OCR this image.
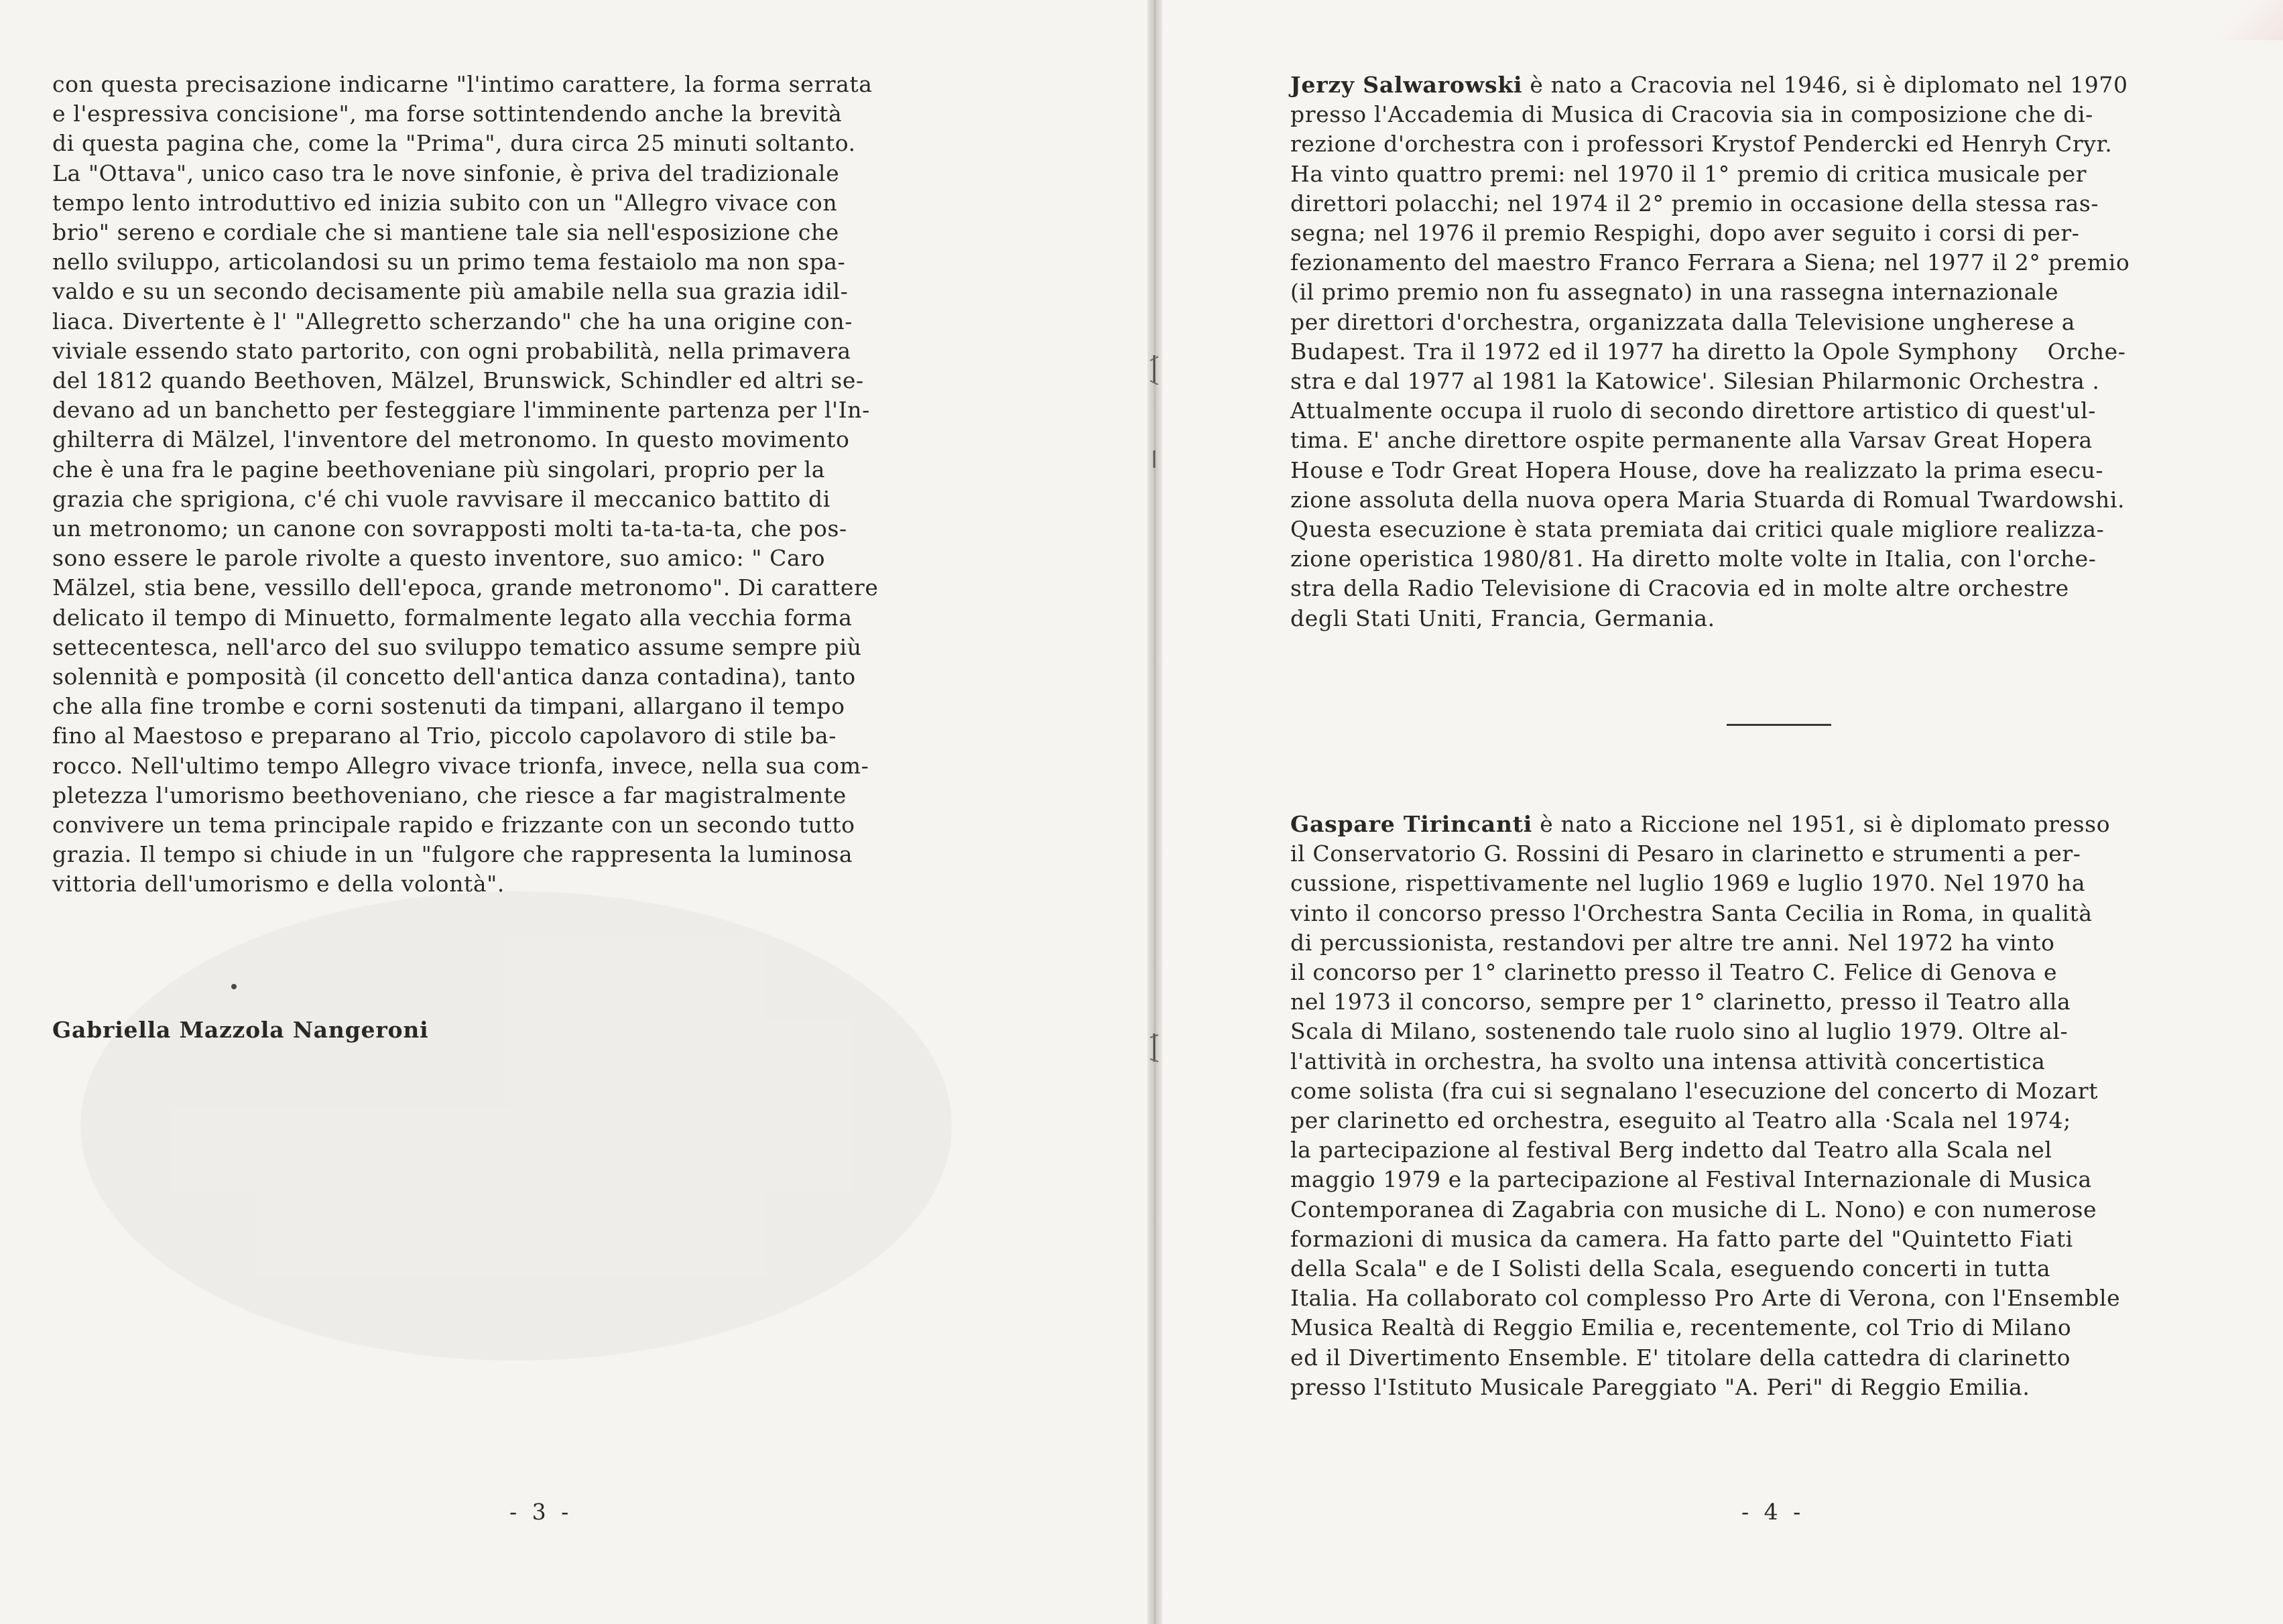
con questa precisazione indicarne "l'intimo carattere, la forma serrata

e l'espressiva concisione", ma forse sottintendendo anche la brevità

di questa pagina che, come la "Prima", dura circa 25 minuti soltanto.

La "Ottava", unico caso tra le nove sinfonie, è priva del tradizionale

tempo lento introduttivo ed inizia subito con un "Allegro vivace con

brio" sereno e cordiale che si mantiene tale sia nell'esposizione che

nello sviluppo, articolandosi su un primo tema festaiolo ma non spa-

valdo e su un secondo decisamente più amabile nella sua grazia idil-

liaca. Divertente è l' "Allegretto scherzando" che ha una origine con-

viviale essendo stato partorito, con ogni probabilità, nella primavera

del 1812 quando Beethoven, Mälzel, Brunswick, Schindler ed altri se-

devano ad un banchetto per festeggiare l'imminente partenza per l'In-

ghilterra di Mälzel, l'inventore del metronomo. In questo movimento

che è una fra le pagine beethoveniane più singolari, proprio per la

grazia che sprigiona, c'é chi vuole ravvisare il meccanico battito di

un metronomo; un canone con sovrapposti molti ta-ta-ta-ta, che pos-

sono essere le parole rivolte a questo inventore, suo amico: " Caro

Mälzel, stia bene, vessillo dell'epoca, grande metronomo". Di carattere

delicato il tempo di Minuetto, formalmente legato alla vecchia forma

settecentesca, nell'arco del suo sviluppo tematico assume sempre più

solennità e pomposità (il concetto dell'antica danza contadina), tanto

che alla fine trombe e corni sostenuti da timpani, allargano il tempo

fino al Maestoso e preparano al Trio, piccolo capolavoro di stile ba-

rocco. Nell'ultimo tempo Allegro vivace trionfa, invece, nella sua com-

pletezza l'umorismo beethoveniano, che riesce a far magistralmente

convivere un tema principale rapido e frizzante con un secondo tutto

grazia. Il tempo si chiude in un "fulgore che rappresenta la luminosa

vittoria dell'umorismo e della volontà".

Gabriella Mazzola Nangeroni
- 3 -

Jerzy Salwarowski è nato a Cracovia nel 1946, si è diplomato nel 1970

presso l'Accademia di Musica di Cracovia sia in composizione che di-

rezione d'orchestra con i professori Krystof Pendercki ed Henryh Cryr.

Ha vinto quattro premi: nel 1970 il 1° premio di critica musicale per

direttori polacchi; nel 1974 il 2° premio in occasione della stessa ras-

segna; nel 1976 il premio Respighi, dopo aver seguito i corsi di per-

fezionamento del maestro Franco Ferrara a Siena; nel 1977 il 2° premio

(il primo premio non fu assegnato) in una rassegna internazionale

per direttori d'orchestra, organizzata dalla Televisione ungherese a

Budapest. Tra il 1972 ed il 1977 ha diretto la Opole Symphony    Orche-

stra e dal 1977 al 1981 la Katowice'. Silesian Philarmonic Orchestra .

Attualmente occupa il ruolo di secondo direttore artistico di quest'ul-

tima. E' anche direttore ospite permanente alla Varsav Great Hopera

House e Todr Great Hopera House, dove ha realizzato la prima esecu-

zione assoluta della nuova opera Maria Stuarda di Romual Twardowshi.

Questa esecuzione è stata premiata dai critici quale migliore realizza-

zione operistica 1980/81. Ha diretto molte volte in Italia, con l'orche-

stra della Radio Televisione di Cracovia ed in molte altre orchestre

degli Stati Uniti, Francia, Germania.

Gaspare Tirincanti è nato a Riccione nel 1951, si è diplomato presso

il Conservatorio G. Rossini di Pesaro in clarinetto e strumenti a per-

cussione, rispettivamente nel luglio 1969 e luglio 1970. Nel 1970 ha

vinto il concorso presso l'Orchestra Santa Cecilia in Roma, in qualità

di percussionista, restandovi per altre tre anni. Nel 1972 ha vinto

il concorso per 1° clarinetto presso il Teatro C. Felice di Genova e

nel 1973 il concorso, sempre per 1° clarinetto, presso il Teatro alla

Scala di Milano, sostenendo tale ruolo sino al luglio 1979. Oltre al-

l'attività in orchestra, ha svolto una intensa attività concertistica

come solista (fra cui si segnalano l'esecuzione del concerto di Mozart

per clarinetto ed orchestra, eseguito al Teatro alla ·Scala nel 1974;

la partecipazione al festival Berg indetto dal Teatro alla Scala nel

maggio 1979 e la partecipazione al Festival Internazionale di Musica

Contemporanea di Zagabria con musiche di L. Nono) e con numerose

formazioni di musica da camera. Ha fatto parte del "Quintetto Fiati

della Scala" e de I Solisti della Scala, eseguendo concerti in tutta

Italia. Ha collaborato col complesso Pro Arte di Verona, con l'Ensemble

Musica Realtà di Reggio Emilia e, recentemente, col Trio di Milano

ed il Divertimento Ensemble. E' titolare della cattedra di clarinetto

presso l'Istituto Musicale Pareggiato "A. Peri" di Reggio Emilia.

- 4 -
